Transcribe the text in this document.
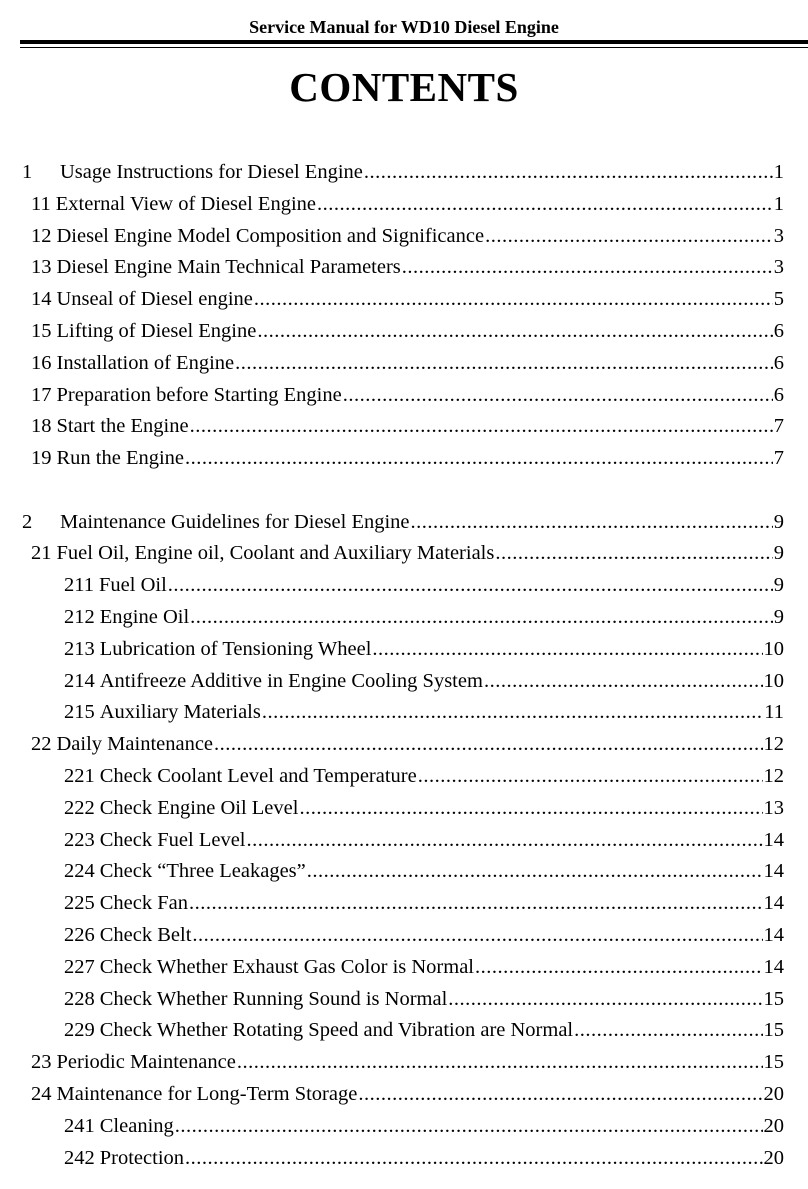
Service Manual for WD10 Diesel Engine
CONTENTS
1 Usage Instructions for Diesel Engine .....	1
11 External View of Diesel Engine .....	1
12 Diesel Engine Model Composition and Significance .....	3
13 Diesel Engine Main Technical Parameters .....	3
14 Unseal of Diesel engine .....	5
15 Lifting of Diesel Engine .....	6
16 Installation of Engine .....	6
17 Preparation before Starting Engine .....	6
18 Start the Engine .....	7
19 Run the Engine .....	7
2 Maintenance Guidelines for Diesel Engine .....	9
21 Fuel Oil, Engine oil, Coolant and Auxiliary Materials .....	9
211 Fuel Oil .....	9
212 Engine Oil .....	9
213 Lubrication of Tensioning Wheel .....	10
214 Antifreeze Additive in Engine Cooling System .....	10
215 Auxiliary Materials .....	11
22 Daily Maintenance .....	12
221 Check Coolant Level and Temperature .....	12
222 Check Engine Oil Level .....	13
223 Check Fuel Level .....	14
224 Check “Three Leakages” .....	14
225 Check Fan .....	14
226 Check Belt .....	14
227 Check Whether Exhaust Gas Color is Normal .....	14
228 Check Whether Running Sound is Normal .....	15
229 Check Whether Rotating Speed and Vibration are Normal .....	15
23 Periodic Maintenance .....	15
24 Maintenance for Long-Term Storage .....	20
241 Cleaning .....	20
242 Protection .....	20
